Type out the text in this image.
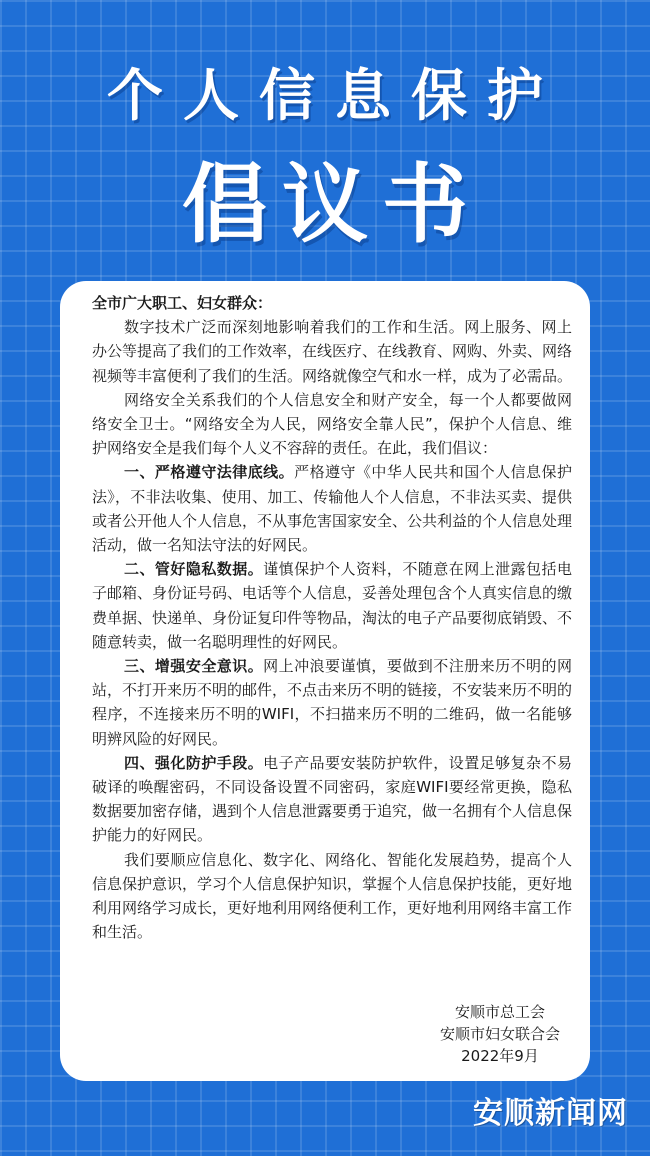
个人信息保护
倡议书

全市广大职工、妇女群众：

数字技术广泛而深刻地影响着我们的工作和生活。网上服务、网上办公等提高了我们的工作效率，在线医疗、在线教育、网购、外卖、网络视频等丰富便利了我们的生活。网络就像空气和水一样，成为了必需品。

网络安全关系我们的个人信息安全和财产安全，每一个人都要做网络安全卫士。“网络安全为人民，网络安全靠人民”，保护个人信息、维护网络安全是我们每个人义不容辞的责任。在此，我们倡议：

一、严格遵守法律底线。严格遵守《中华人民共和国个人信息保护法》，不非法收集、使用、加工、传输他人个人信息，不非法买卖、提供或者公开他人个人信息，不从事危害国家安全、公共利益的个人信息处理活动，做一名知法守法的好网民。

二、管好隐私数据。谨慎保护个人资料，不随意在网上泄露包括电子邮箱、身份证号码、电话等个人信息，妥善处理包含个人真实信息的缴费单据、快递单、身份证复印件等物品，淘汰的电子产品要彻底销毁、不随意转卖，做一名聪明理性的好网民。

三、增强安全意识。网上冲浪要谨慎，要做到不注册来历不明的网站，不打开来历不明的邮件，不点击来历不明的链接，不安装来历不明的程序，不连接来历不明的WIFI，不扫描来历不明的二维码，做一名能够明辨风险的好网民。

四、强化防护手段。电子产品要安装防护软件，设置足够复杂不易破译的唤醒密码，不同设备设置不同密码，家庭WIFI要经常更换，隐私数据要加密存储，遇到个人信息泄露要勇于追究，做一名拥有个人信息保护能力的好网民。

我们要顺应信息化、数字化、网络化、智能化发展趋势，提高个人信息保护意识，学习个人信息保护知识，掌握个人信息保护技能，更好地利用网络学习成长，更好地利用网络便利工作，更好地利用网络丰富工作和生活。

安顺市总工会
安顺市妇女联合会
2022年9月
安顺新闻网
